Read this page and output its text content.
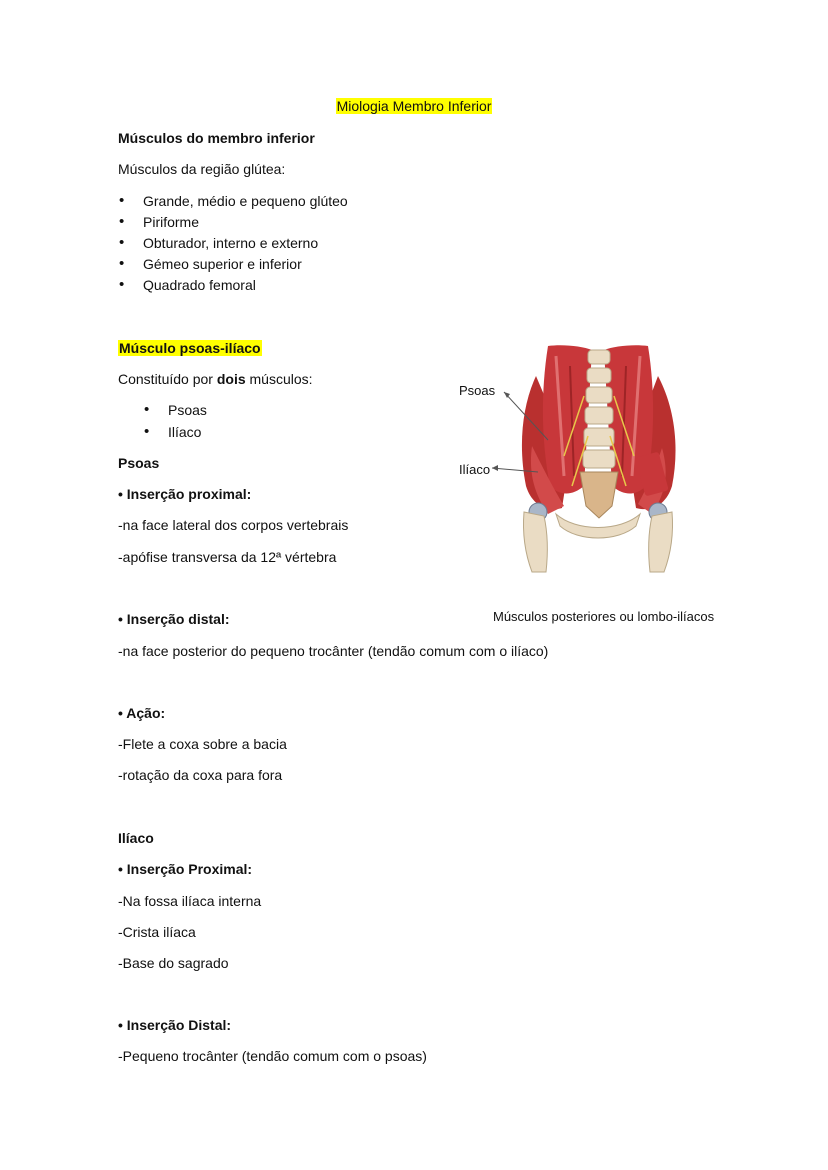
Miologia Membro Inferior
Músculos do membro inferior
Músculos da região glútea:
• Grande, médio e pequeno glúteo
• Piriforme
• Obturador, interno e externo
• Gémeo superior e inferior
• Quadrado femoral
Músculo psoas-ilíaco
Constituído por dois músculos:
• Psoas
• Ilíaco
Psoas
• Inserção proximal:
-na face lateral dos corpos vertebrais
-apófise transversa da 12ª vértebra
• Inserção distal:
-na face posterior do pequeno trocânter (tendão comum com o ilíaco)
• Ação:
-Flete a coxa sobre a bacia
-rotação da coxa para fora
Ilíaco
• Inserção Proximal:
-Na fossa ilíaca interna
-Crista ilíaca
-Base do sagrado
• Inserção Distal:
-Pequeno trocânter (tendão comum com o psoas)
Psoas
Ilíaco
Músculos posteriores ou lombo-ilíacos
